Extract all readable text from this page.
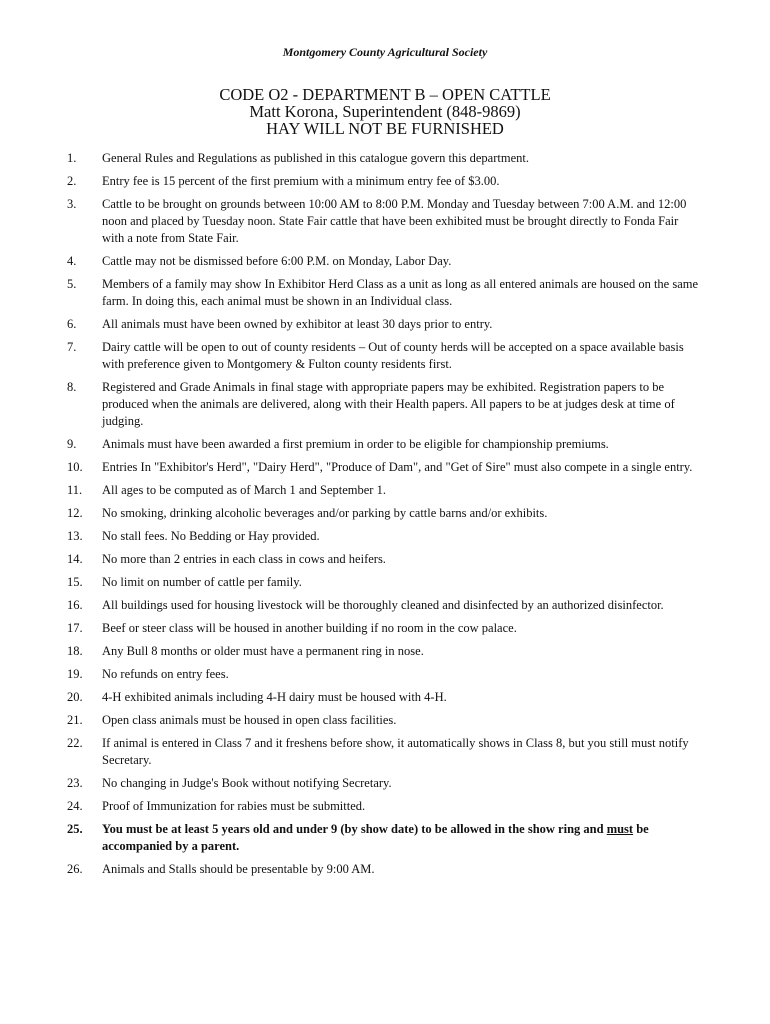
Montgomery County Agricultural Society
CODE O2 - DEPARTMENT B – OPEN CATTLE
Matt Korona, Superintendent (848-9869)
HAY WILL NOT BE FURNISHED
1. General Rules and Regulations as published in this catalogue govern this department.
2. Entry fee is 15 percent of the first premium with a minimum entry fee of $3.00.
3. Cattle to be brought on grounds between 10:00 AM to 8:00 P.M. Monday and Tuesday between 7:00 A.M. and 12:00 noon and placed by Tuesday noon. State Fair cattle that have been exhibited must be brought directly to Fonda Fair with a note from State Fair.
4. Cattle may not be dismissed before 6:00 P.M. on Monday, Labor Day.
5. Members of a family may show In Exhibitor Herd Class as a unit as long as all entered animals are housed on the same farm. In doing this, each animal must be shown in an Individual class.
6. All animals must have been owned by exhibitor at least 30 days prior to entry.
7. Dairy cattle will be open to out of county residents – Out of county herds will be accepted on a space available basis with preference given to Montgomery & Fulton county residents first.
8. Registered and Grade Animals in final stage with appropriate papers may be exhibited. Registration papers to be produced when the animals are delivered, along with their Health papers. All papers to be at judges desk at time of judging.
9. Animals must have been awarded a first premium in order to be eligible for championship premiums.
10. Entries In "Exhibitor's Herd", "Dairy Herd", "Produce of Dam", and "Get of Sire" must also compete in a single entry.
11. All ages to be computed as of March 1 and September 1.
12. No smoking, drinking alcoholic beverages and/or parking by cattle barns and/or exhibits.
13. No stall fees. No Bedding or Hay provided.
14. No more than 2 entries in each class in cows and heifers.
15. No limit on number of cattle per family.
16. All buildings used for housing livestock will be thoroughly cleaned and disinfected by an authorized disinfector.
17. Beef or steer class will be housed in another building if no room in the cow palace.
18. Any Bull 8 months or older must have a permanent ring in nose.
19. No refunds on entry fees.
20. 4-H exhibited animals including 4-H dairy must be housed with 4-H.
21. Open class animals must be housed in open class facilities.
22. If animal is entered in Class 7 and it freshens before show, it automatically shows in Class 8, but you still must notify Secretary.
23. No changing in Judge's Book without notifying Secretary.
24. Proof of Immunization for rabies must be submitted.
25. You must be at least 5 years old and under 9 (by show date) to be allowed in the show ring and must be accompanied by a parent.
26. Animals and Stalls should be presentable by 9:00 AM.
